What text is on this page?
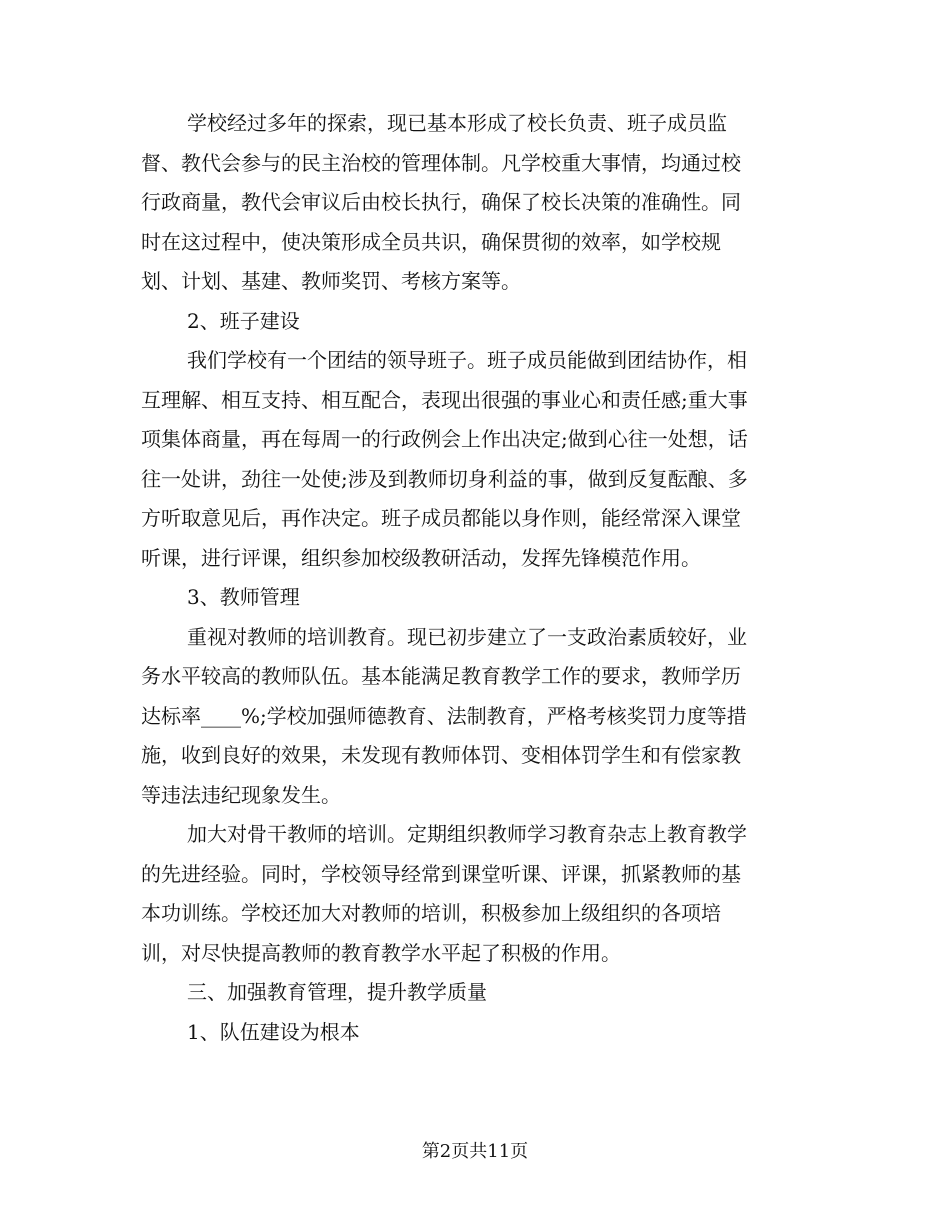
学校经过多年的探索，现已基本形成了校长负责、班子成员监
督、教代会参与的民主治校的管理体制。凡学校重大事情，均通过校
行政商量，教代会审议后由校长执行，确保了校长决策的准确性。同
时在这过程中，使决策形成全员共识，确保贯彻的效率，如学校规
划、计划、基建、教师奖罚、考核方案等。
2、班子建设
我们学校有一个团结的领导班子。班子成员能做到团结协作，相
互理解、相互支持、相互配合，表现出很强的事业心和责任感;重大事
项集体商量，再在每周一的行政例会上作出决定;做到心往一处想，话
往一处讲，劲往一处使;涉及到教师切身利益的事，做到反复酝酿、多
方听取意见后，再作决定。班子成员都能以身作则，能经常深入课堂
听课，进行评课，组织参加校级教研活动，发挥先锋模范作用。
3、教师管理
重视对教师的培训教育。现已初步建立了一支政治素质较好，业
务水平较高的教师队伍。基本能满足教育教学工作的要求，教师学历
达标率____%;学校加强师德教育、法制教育，严格考核奖罚力度等措
施，收到良好的效果，未发现有教师体罚、变相体罚学生和有偿家教
等违法违纪现象发生。
加大对骨干教师的培训。定期组织教师学习教育杂志上教育教学
的先进经验。同时，学校领导经常到课堂听课、评课，抓紧教师的基
本功训练。学校还加大对教师的培训，积极参加上级组织的各项培
训，对尽快提高教师的教育教学水平起了积极的作用。
三、加强教育管理，提升教学质量
1、队伍建设为根本
第2页共11页
